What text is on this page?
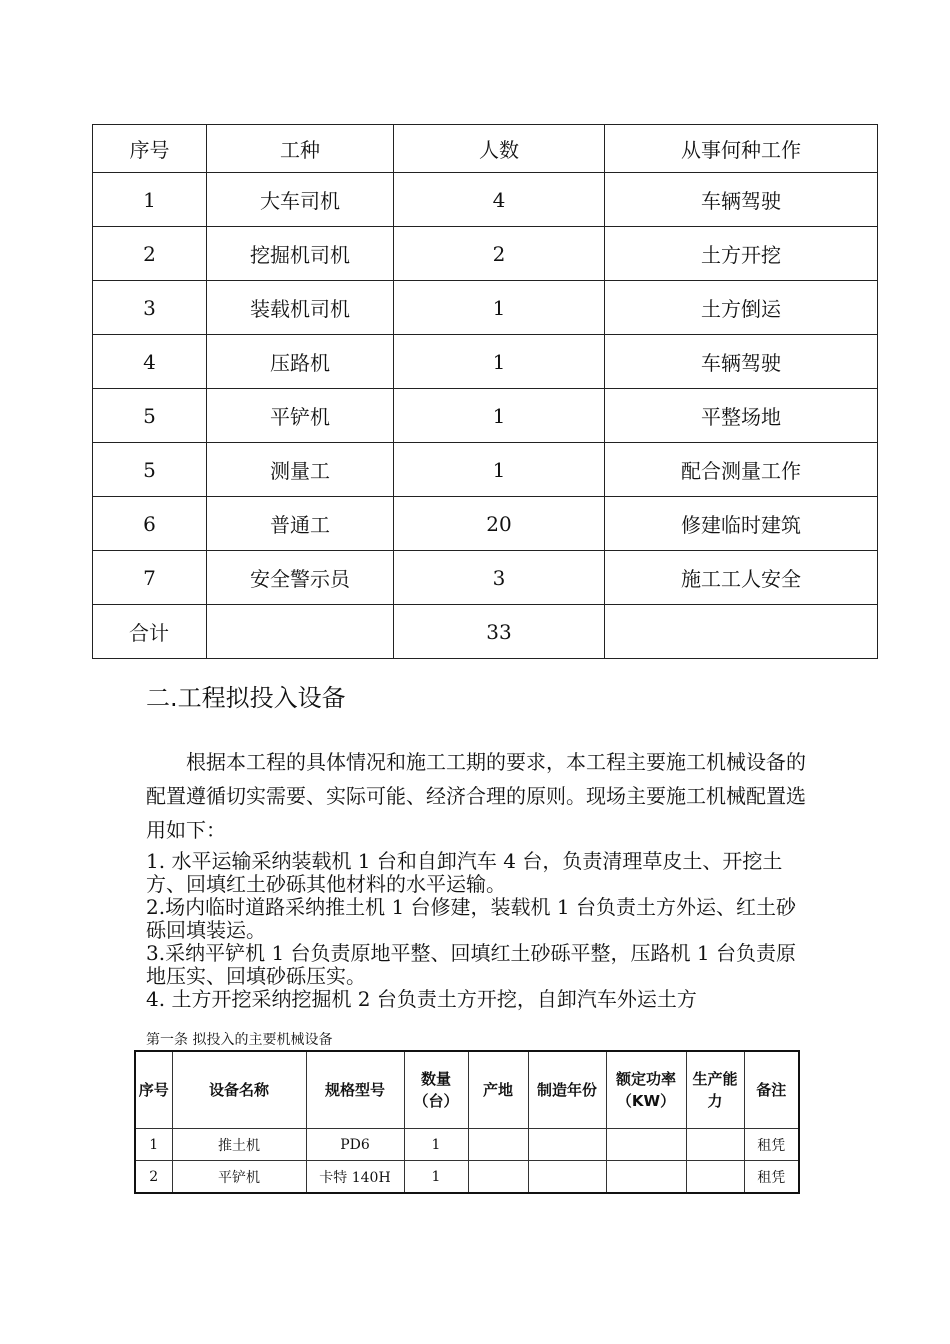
序号	工种	人数	从事何种工作
1	大车司机	4	车辆驾驶
2	挖掘机司机	2	土方开挖
3	装载机司机	1	土方倒运
4	压路机	1	车辆驾驶
5	平铲机	1	平整场地
5	测量工	1	配合测量工作
6	普通工	20	修建临时建筑
7	安全警示员	3	施工工人安全
合计		33	
二.工程拟投入设备

根据本工程的具体情况和施工工期的要求，本工程主要施工机械设备的配置遵循切实需要、实际可能、经济合理的原则。现场主要施工机械配置选用如下：

1. 水平运输采纳装载机 1 台和自卸汽车 4 台，负责清理草皮土、开挖土方、回填红土砂砾其他材料的水平运输。
2.场内临时道路采纳推土机 1 台修建，装载机 1 台负责土方外运、红土砂砾回填装运。
3.采纳平铲机 1 台负责原地平整、回填红土砂砾平整，压路机 1 台负责原地压实、回填砂砾压实。
4. 土方开挖采纳挖掘机 2 台负责土方开挖，自卸汽车外运土方

第一条 拟投入的主要机械设备

序号	设备名称	规格型号	数量（台）	产地	制造年份	额定功率（KW）	生产能力	备注
1	推土机	PD6	1					租凭
2	平铲机	卡特 140H	1					租凭
